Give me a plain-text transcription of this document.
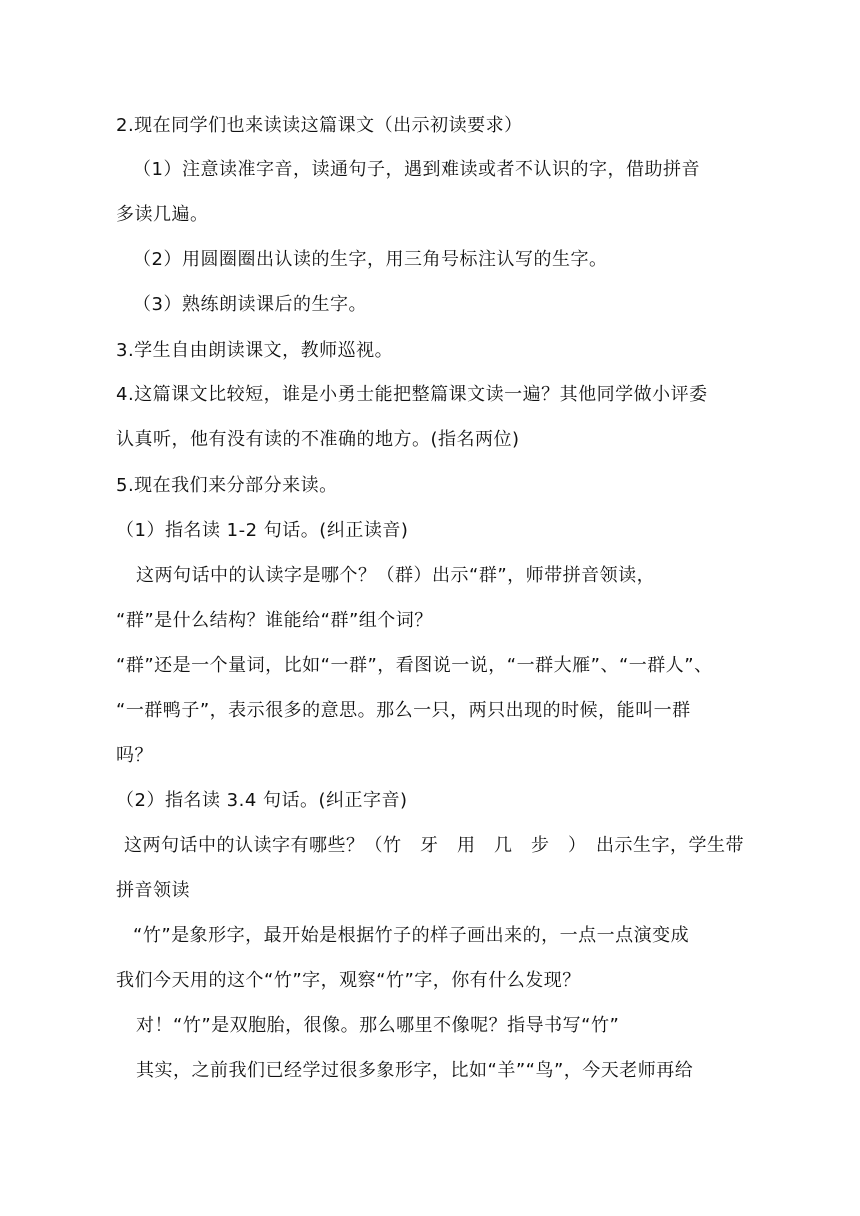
2.现在同学们也来读读这篇课文（出示初读要求）
（1）注意读准字音，读通句子，遇到难读或者不认识的字，借助拼音
多读几遍。
（2）用圆圈圈出认读的生字，用三角号标注认写的生字。
（3）熟练朗读课后的生字。
3.学生自由朗读课文，教师巡视。
4.这篇课文比较短，谁是小勇士能把整篇课文读一遍？其他同学做小评委
认真听，他有没有读的不准确的地方。(指名两位)
5.现在我们来分部分来读。
（1）指名读 1-2 句话。(纠正读音)
这两句话中的认读字是哪个？（群）出示“群”，师带拼音领读，
“群”是什么结构？谁能给“群”组个词？
“群”还是一个量词，比如“一群”，看图说一说，“一群大雁”、“一群人”、
“一群鸭子”，表示很多的意思。那么一只，两只出现的时候，能叫一群
吗？
（2）指名读 3.4 句话。(纠正字音)
这两句话中的认读字有哪些？（竹　牙　用　几　步　）　出示生字，学生带
拼音领读
“竹”是象形字，最开始是根据竹子的样子画出来的，一点一点演变成
我们今天用的这个“竹”字，观察“竹”字，你有什么发现？
对！“竹”是双胞胎，很像。那么哪里不像呢？指导书写“竹”
其实，之前我们已经学过很多象形字，比如“羊”“鸟”，今天老师再给
